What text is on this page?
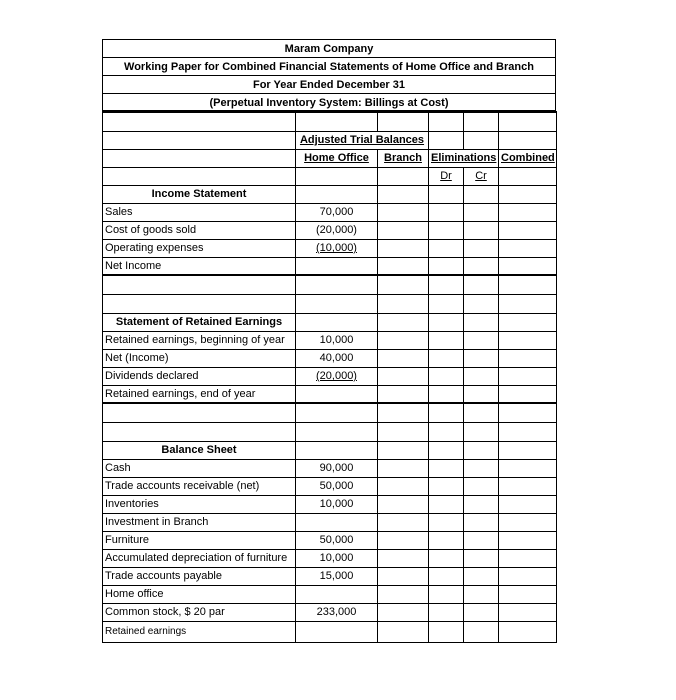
Maram Company
Working Paper for Combined Financial Statements of Home Office and Branch
For Year Ended December 31
(Perpetual Inventory System: Billings at Cost)

	Adjusted Trial Balances				
	Home Office	Branch	Eliminations		Combined
			Dr	Cr	
Income Statement					
Sales	70,000				
Cost of goods sold	(20,000)				
Operating expenses	(10,000)				
Net Income					

Statement of Retained Earnings					
Retained earnings, beginning of year	10,000				
Net (Income)	40,000				
Dividends declared	(20,000)				
Retained earnings, end of year					

Balance Sheet					
Cash	90,000				
Trade accounts receivable (net)	50,000				
Inventories	10,000				
Investment in Branch					
Furniture	50,000				
Accumulated depreciation of furniture	10,000				
Trade accounts payable	15,000				
Home office					
Common stock, $ 20 par	233,000				
Retained earnings					
